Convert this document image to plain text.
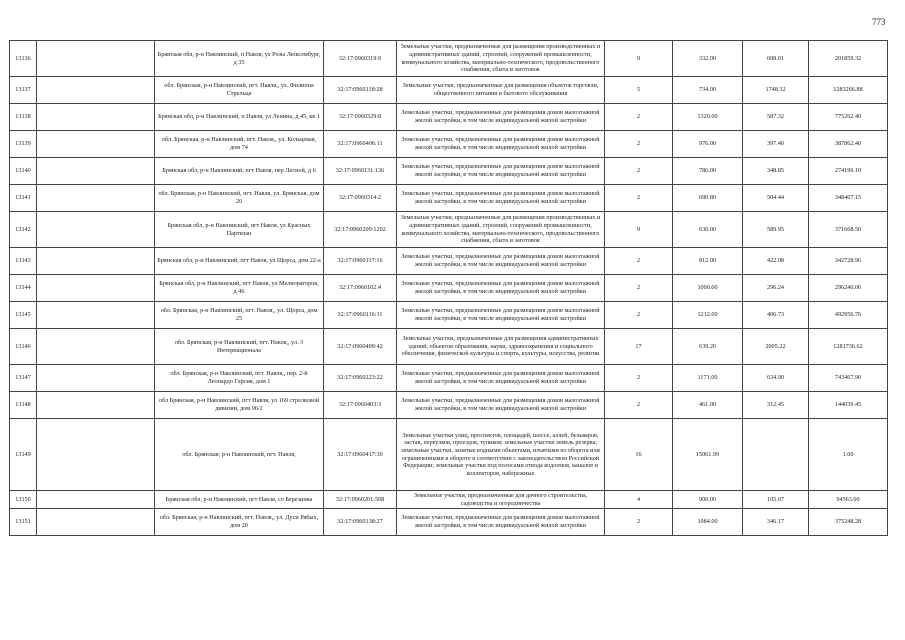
773
13136		Брянская обл, р-н Навлинский, п Навля, ул Розы Люксембург, д 35	32:17:0960319:9	Земельные участки, предназначенные для размещения производственных и административных зданий, строений, сооружений промышленности, коммунального хозяйства, материально-технического, продовольственного снабжения, сбыта и заготовок	9	332.00	608.01	201859.32
13137		обл. Брянская, р-н Навлинский, пгт. Навля,, ул. Филиппа Стрельца	32:17:0960118:28	Земельные участки, предназначенные для размещения объектов торговли, общественного питания и бытового обслуживания	5	734.00	1748.32	1283266.88
13138		Брянская обл, р-н Навлинский, п Навля, ул Ленина, д 45, кв 1	32:17:0960329:8	Земельные участки, предназначенные для размещения домов малоэтажной жилой застройки, в том числе индивидуальной жилой застройки	2	1320.00	587.32	775262.40
13139		обл. Брянская, р-н Навлинский, пгт. Навля,, ул. Кольцевая, дом 74	32:17:0960406:11	Земельные участки, предназначенные для размещения домов малоэтажной жилой застройки, в том числе индивидуальной жилой застройки	2	976.00	397.40	387862.40
13140		Брянская обл, р-н Навлинский, пгт Навля, пер Лесной, д 6	32:17:0960131:136	Земельные участки, предназначенные для размещения домов малоэтажной жилой застройки, в том числе индивидуальной жилой застройки	2	786.00	348.85	274196.10
13141		обл. Брянская, р-н Навлинский, пгт. Навля, ул. Брянская, дом 20	32:17:0960314:2	Земельные участки, предназначенные для размещения домов малоэтажной жилой застройки, в том числе индивидуальной жилой застройки	2	690.80	504.44	348467.15
13142		Брянская обл, р-н Навлинский, пгт Навля, ул Красных Партизан	32:17:0960209:1202	Земельные участки, предназначенные для размещения производственных и административных зданий, строений, сооружений промышленности, коммунального хозяйства, материально-технического, продовольственного снабжения, сбыта и заготовок	9	630.00	589.95	371668.50
13143		Брянская обл, р-н Навлинский, пгт Навля, ул Щорса, дом 22-а	32:17:0960117:16	Земельные участки, предназначенные для размещения домов малоэтажной жилой застройки, в том числе индивидуальной жилой застройки	2	812.00	422.08	342728.96
13144		Брянская обл, р-н Навлинский, пгт Навля, ул Мелиораторов, д 46	32:17:0960102:4	Земельные участки, предназначенные для размещения домов малоэтажной жилой застройки, в том числе индивидуальной жилой застройки	2	1000.00	296.24	296240.00
13145		обл. Брянская, р-н Навлинский, пгт. Навля,, ул. Щорса, дом 25	32:17:0960116:11	Земельные участки, предназначенные для размещения домов малоэтажной жилой застройки, в том числе индивидуальной жилой застройки	2	1212.00	406.73	492956.76
13146		обл. Брянская, р-н Навлинский, пгт. Навля,, ул. 3 Интернационала	32:17:0960409:42	Земельные участки, предназначенные для размещения административных зданий, объектов образования, науки, здравоохранения и социального обеспечения, физической культуры и спорта, культуры, искусства, религии	17	639.20	2005.22	1281736.62
13147		обл. Брянская, р-н Навлинский, пгт. Навля,, пер. 2-й Леонардо Гарсия, дом 1	32:17:0960223:22	Земельные участки, предназначенные для размещения домов малоэтажной жилой застройки, в том числе индивидуальной жилой застройки	2	1171.00	634.90	743467.90
13148		обл Брянская, р-н Навлинский, пгт Навля, ул 169 стрелковой дивизии, дом 96/2	32:17:0960403:3	Земельные участки, предназначенные для размещения домов малоэтажной жилой застройки, в том числе индивидуальной жилой застройки	2	461.00	312.45	144039.45
13149		обл. Брянская, р-н Навлинский, пгт. Навля,	32:17:0960417:30	Земельные участки улиц, проспектов, площадей, шоссе, аллей, бульваров, застав, переулков, проездов, тупиков; земельные участки земель резерва; земельные участки, занятые водными объектами, изъятыми из оборота или ограниченными в обороте в соответствии с законодательством Российской Федерации; земельные участки под полосами отвода водоемов, каналов и коллекторов, набережные	16	15061.99		1.00
13150		Брянская обл, р-н Навлинский, пгт Навля, со Березинка	32:17:0960201:508	Земельные участки, предназначенные для дачного строительства, садоводства и огородничества	4	900.00	105.07	94563.00
13151		обл. Брянская, р-н Навлинский, пгт. Навля,, ул. Дуси Рябых, дом 20	32:17:0960138:27	Земельные участки, предназначенные для размещения домов малоэтажной жилой застройки, в том числе индивидуальной жилой застройки	2	1084.00	346.17	375248.28
